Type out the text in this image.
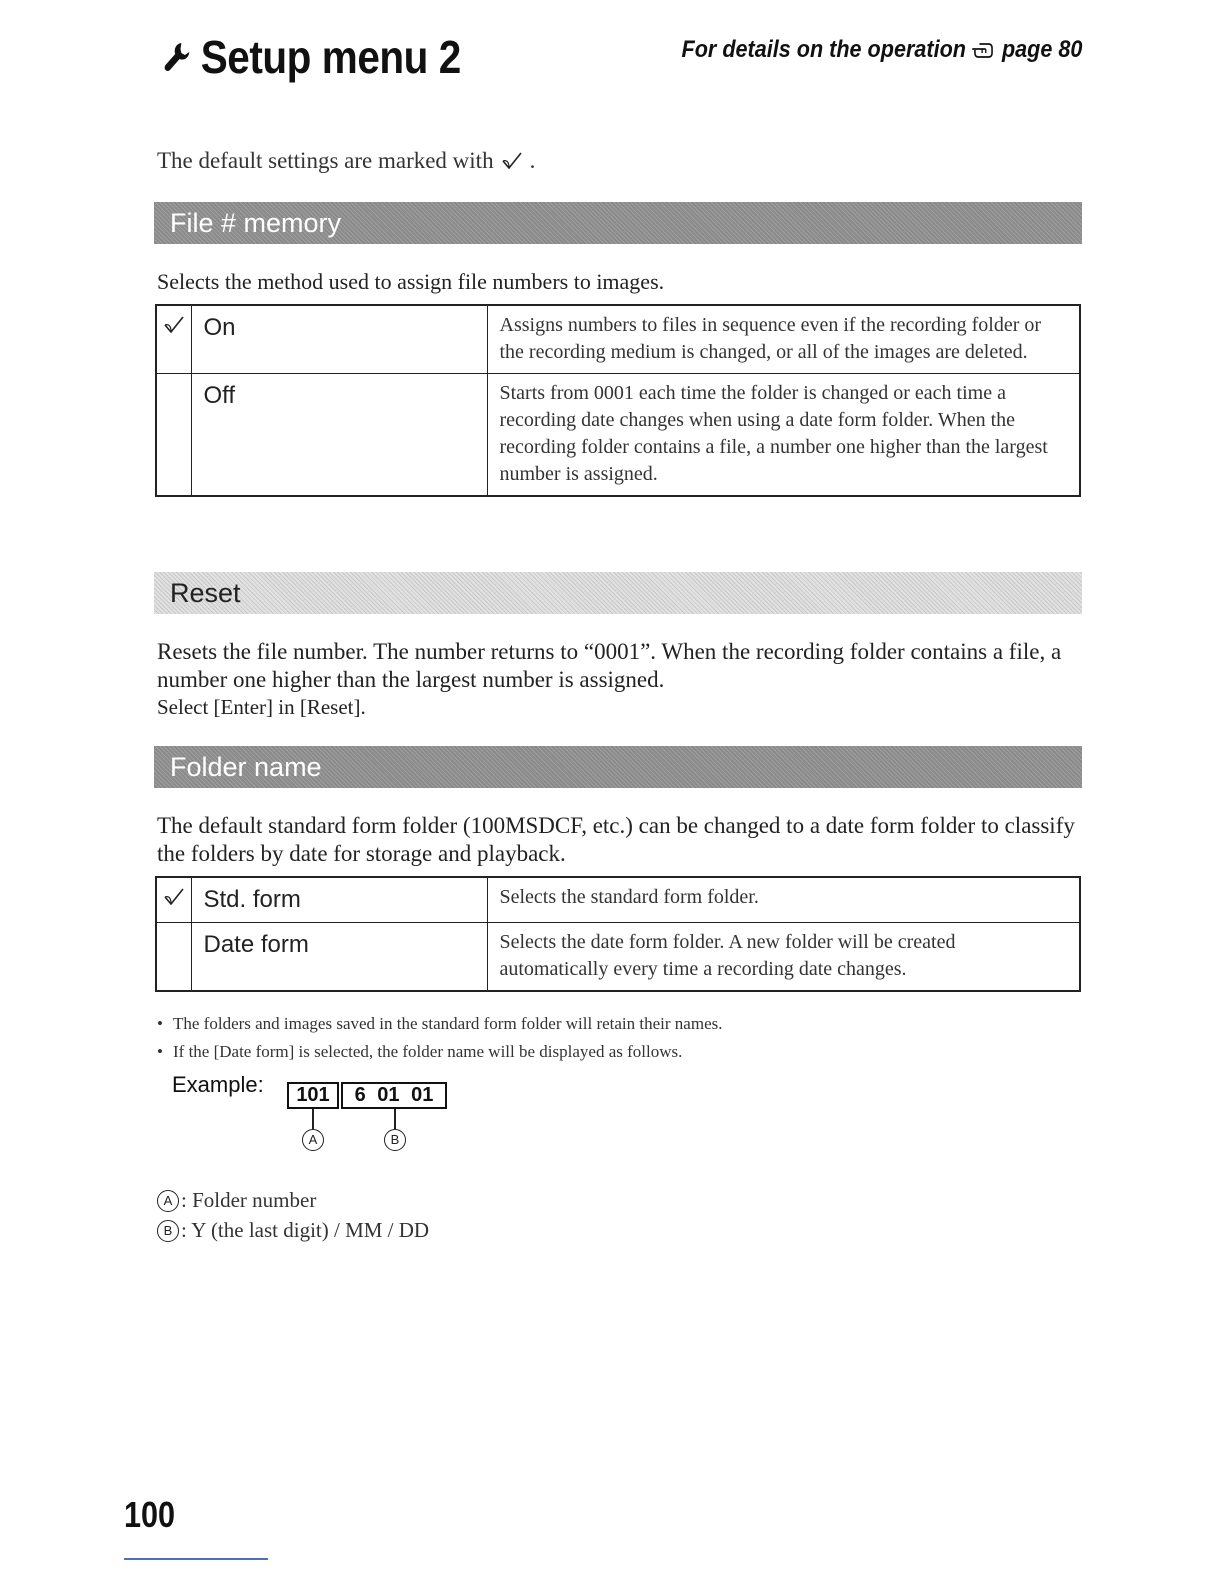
Setup menu 2	For details on the operation page 80
The default settings are marked with .
File # memory
Selects the method used to assign file numbers to images.
	On	Assigns numbers to files in sequence even if the recording folder or the recording medium is changed, or all of the images are deleted.
	Off	Starts from 0001 each time the folder is changed or each time a recording date changes when using a date form folder. When the recording folder contains a file, a number one higher than the largest number is assigned.
Reset
Resets the file number. The number returns to “0001”. When the recording folder contains a file, a number one higher than the largest number is assigned.
Select [Enter] in [Reset].
Folder name
The default standard form folder (100MSDCF, etc.) can be changed to a date form folder to classify the folders by date for storage and playback.
	Std. form	Selects the standard form folder.
	Date form	Selects the date form folder. A new folder will be created automatically every time a recording date changes.
• The folders and images saved in the standard form folder will retain their names.
• If the [Date form] is selected, the folder name will be displayed as follows.
Example:	101	6 01 01
A	B
A : Folder number
B : Y (the last digit) / MM / DD
100
